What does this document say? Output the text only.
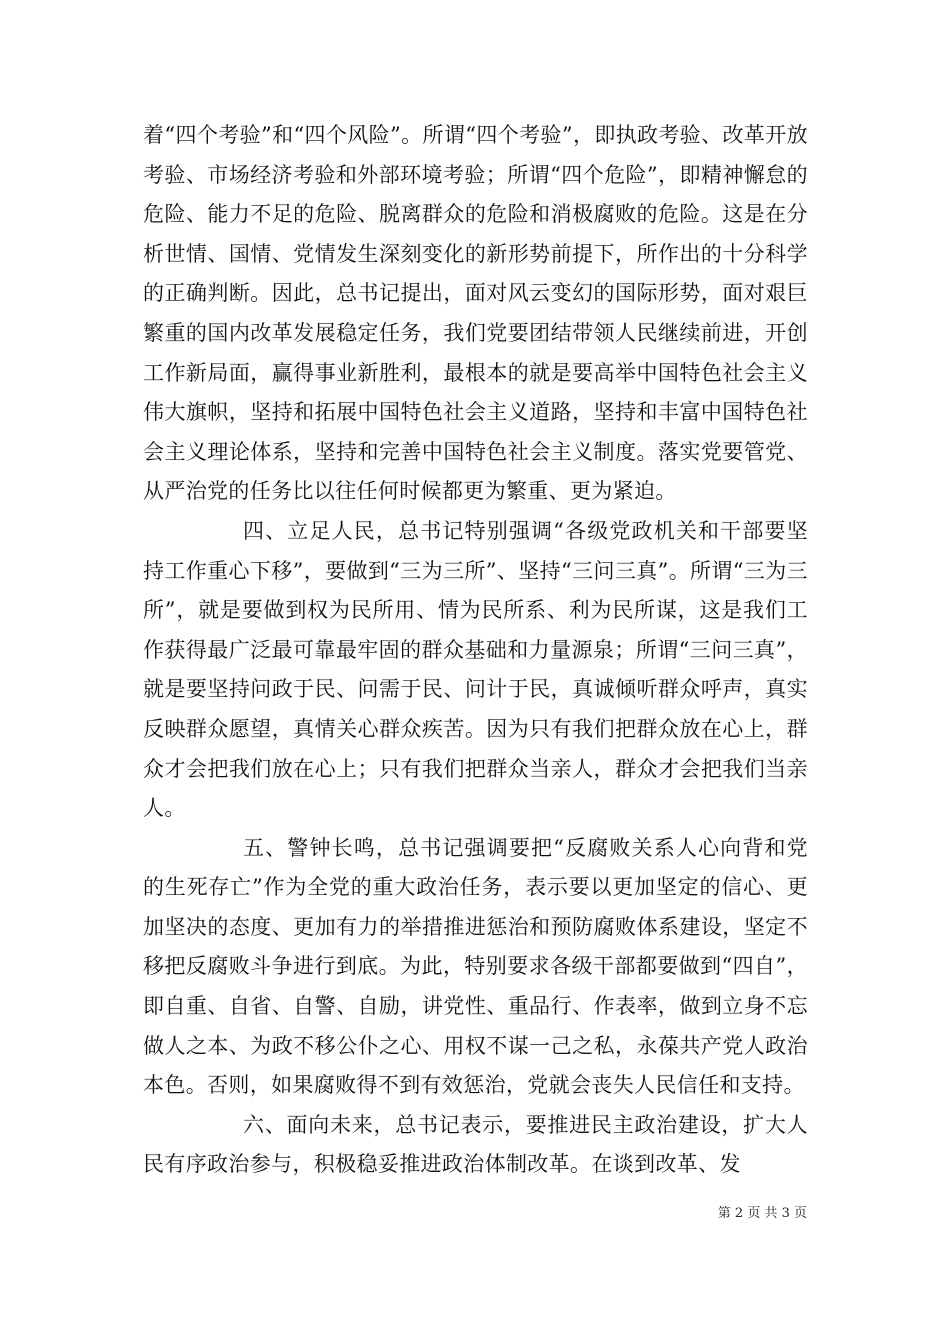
着“四个考验”和“四个风险”。所谓“四个考验”，即执政考验、改革开放考验、市场经济考验和外部环境考验；所谓“四个危险”，即精神懈怠的危险、能力不足的危险、脱离群众的危险和消极腐败的危险。这是在分析世情、国情、党情发生深刻变化的新形势前提下，所作出的十分科学的正确判断。因此，总书记提出，面对风云变幻的国际形势，面对艰巨繁重的国内改革发展稳定任务，我们党要团结带领人民继续前进，开创工作新局面，赢得事业新胜利，最根本的就是要高举中国特色社会主义伟大旗帜，坚持和拓展中国特色社会主义道路，坚持和丰富中国特色社会主义理论体系，坚持和完善中国特色社会主义制度。落实党要管党、从严治党的任务比以往任何时候都更为繁重、更为紧迫。

四、立足人民，总书记特别强调“各级党政机关和干部要坚持工作重心下移”，要做到“三为三所”、坚持“三问三真”。所谓“三为三所”，就是要做到权为民所用、情为民所系、利为民所谋，这是我们工作获得最广泛最可靠最牢固的群众基础和力量源泉；所谓“三问三真”，就是要坚持问政于民、问需于民、问计于民，真诚倾听群众呼声，真实反映群众愿望，真情关心群众疾苦。因为只有我们把群众放在心上，群众才会把我们放在心上；只有我们把群众当亲人，群众才会把我们当亲人。

五、警钟长鸣，总书记强调要把“反腐败关系人心向背和党的生死存亡”作为全党的重大政治任务，表示要以更加坚定的信心、更加坚决的态度、更加有力的举措推进惩治和预防腐败体系建设，坚定不移把反腐败斗争进行到底。为此，特别要求各级干部都要做到“四自”，即自重、自省、自警、自励，讲党性、重品行、作表率，做到立身不忘做人之本、为政不移公仆之心、用权不谋一己之私，永葆共产党人政治本色。否则，如果腐败得不到有效惩治，党就会丧失人民信任和支持。

六、面向未来，总书记表示，要推进民主政治建设，扩大人民有序政治参与，积极稳妥推进政治体制改革。在谈到改革、发

第 2 页 共 3 页
